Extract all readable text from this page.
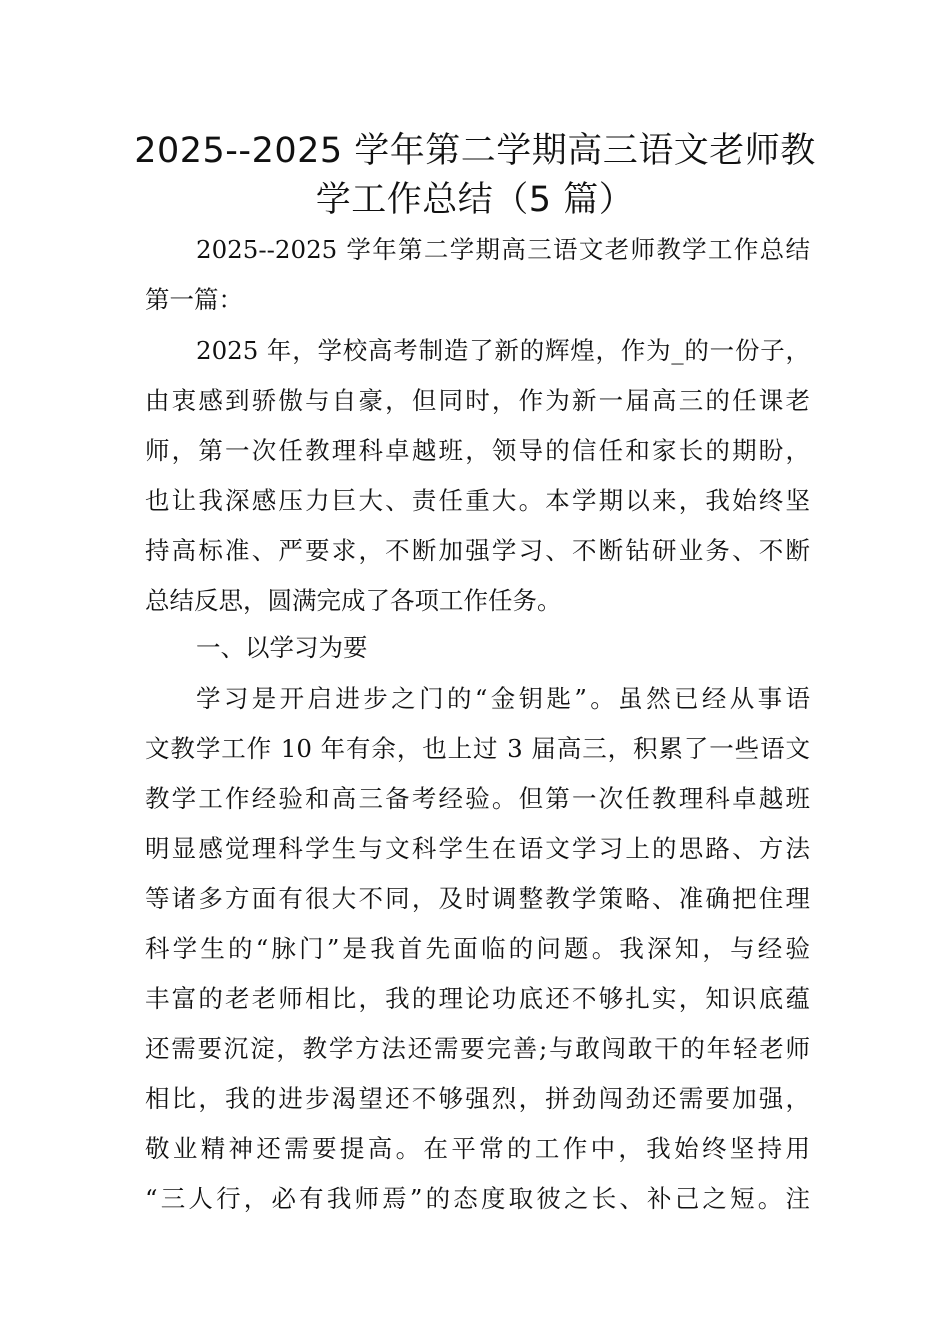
2025--2025 学年第二学期高三语文老师教
学工作总结（5 篇）
2025--2025 学年第二学期高三语文老师教学工作总结
第一篇：
2025 年，学校高考制造了新的辉煌，作为_的一份子，
由衷感到骄傲与自豪，但同时，作为新一届高三的任课老
师，第一次任教理科卓越班，领导的信任和家长的期盼，
也让我深感压力巨大、责任重大。本学期以来，我始终坚
持高标准、严要求，不断加强学习、不断钻研业务、不断
总结反思，圆满完成了各项工作任务。
一、以学习为要
学习是开启进步之门的“金钥匙”。虽然已经从事语
文教学工作 10 年有余，也上过 3 届高三，积累了一些语文
教学工作经验和高三备考经验。但第一次任教理科卓越班
明显感觉理科学生与文科学生在语文学习上的思路、方法
等诸多方面有很大不同，及时调整教学策略、准确把住理
科学生的“脉门”是我首先面临的问题。我深知，与经验
丰富的老老师相比，我的理论功底还不够扎实，知识底蕴
还需要沉淀，教学方法还需要完善;与敢闯敢干的年轻老师
相比，我的进步渴望还不够强烈，拼劲闯劲还需要加强，
敬业精神还需要提高。在平常的工作中，我始终坚持用
“三人行，必有我师焉”的态度取彼之长、补己之短。注
